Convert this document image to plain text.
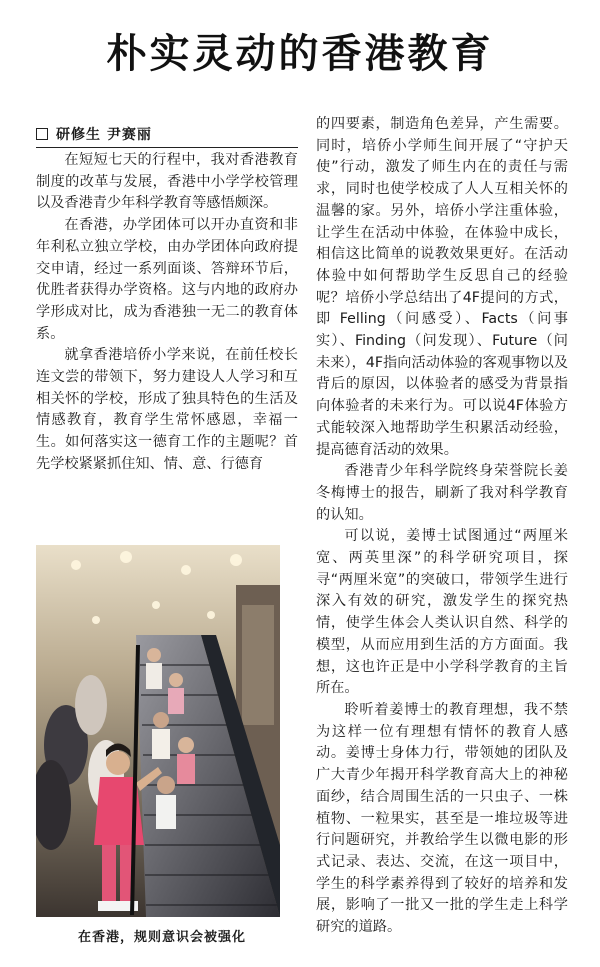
朴实灵动的香港教育

研修生 尹赛丽

在短短七天的行程中，我对香港教育制度的改革与发展，香港中小学学校管理以及香港青少年科学教育等感悟颇深。

在香港，办学团体可以开办直资和非年利私立独立学校，由办学团体向政府提交申请，经过一系列面谈、答辩环节后，优胜者获得办学资格。这与内地的政府办学形成对比，成为香港独一无二的教育体系。

就拿香港培侨小学来说，在前任校长连文尝的带领下，努力建设人人学习和互相关怀的学校，形成了独具特色的生活及情感教育，教育学生常怀感恩，幸福一生。如何落实这一德育工作的主题呢？首先学校紧紧抓住知、情、意、行德育

在香港，规则意识会被强化

的四要素，制造角色差异，产生需要。同时，培侨小学师生间开展了“守护天使”行动，激发了师生内在的责任与需求，同时也使学校成了人人互相关怀的温馨的家。另外，培侨小学注重体验，让学生在活动中体验，在体验中成长，相信这比简单的说教效果更好。在活动体验中如何帮助学生反思自己的经验呢？培侨小学总结出了4F提问的方式，即 Felling（问感受）、Facts（问事实）、Finding（问发现）、Future（问未来），4F指向活动体验的客观事物以及背后的原因，以体验者的感受为背景指向体验者的未来行为。可以说4F体验方式能较深入地帮助学生积累活动经验，提高德育活动的效果。

香港青少年科学院终身荣誉院长姜冬梅博士的报告，刷新了我对科学教育的认知。

可以说，姜博士试图通过“两厘米宽、两英里深”的科学研究项目，探寻“两厘米宽”的突破口，带领学生进行深入有效的研究，激发学生的探究热情，使学生体会人类认识自然、科学的模型，从而应用到生活的方方面面。我想，这也许正是中小学科学教育的主旨所在。

聆听着姜博士的教育理想，我不禁为这样一位有理想有情怀的教育人感动。姜博士身体力行，带领她的团队及广大青少年揭开科学教育高大上的神秘面纱，结合周围生活的一只虫子、一株植物、一粒果实，甚至是一堆垃圾等进行问题研究，并教给学生以微电影的形式记录、表达、交流，在这一项目中，学生的科学素养得到了较好的培养和发展，影响了一批又一批的学生走上科学研究的道路。
